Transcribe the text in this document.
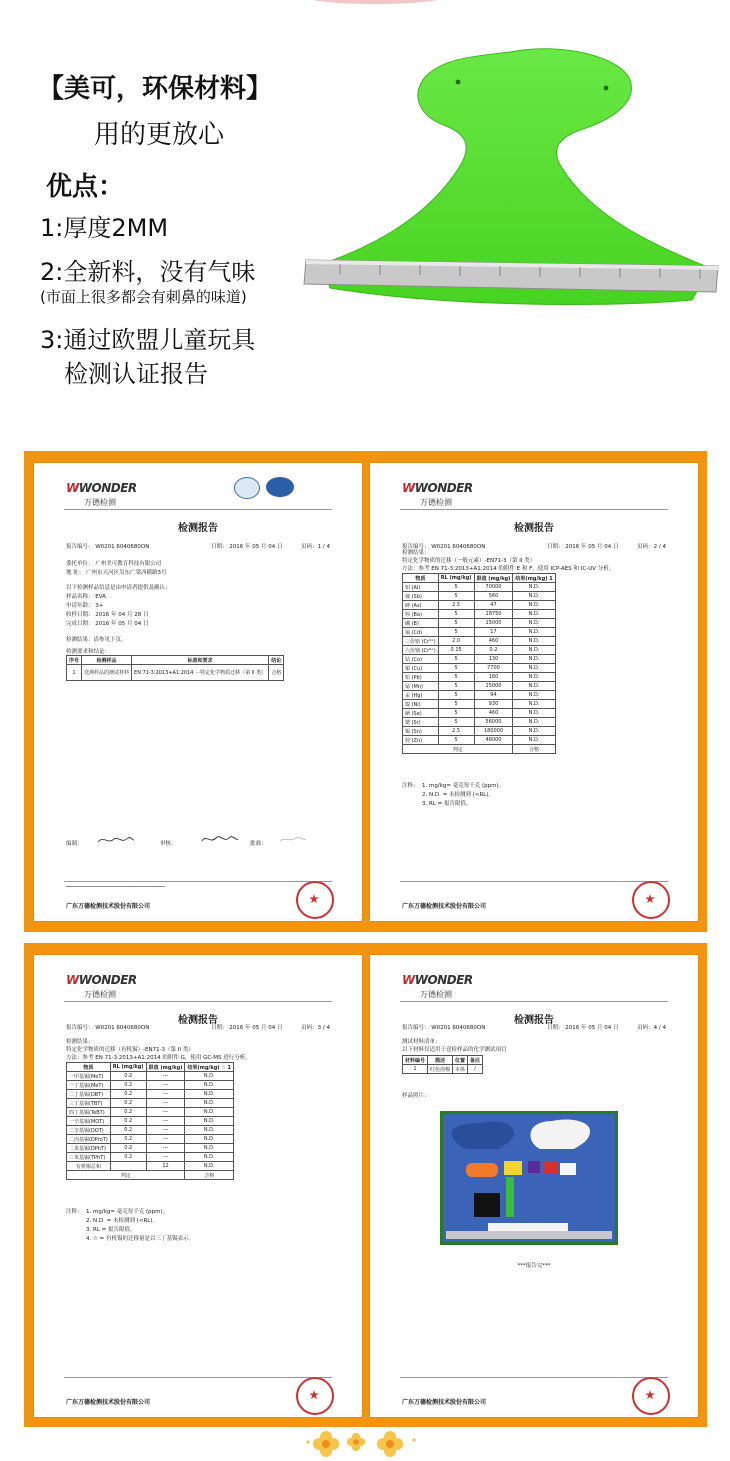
【美可，环保材料】
用的更放心
优点：
1:厚度2MM
2:全新料，没有气味
(市面上很多都会有刺鼻的味道)
3:通过欧盟儿童玩具
检测认证报告
WWONDER
万德检测
检测报告
报告编号： W0201 6040680ON	日期： 2016 年 05 月 04 日	页码：1 / 4
委托单位： 广州美可教育科技有限公司
地 址： 广州市天河区吴东广棠西横路3号
以下检测样品信息是由申请者提供及确认：
样品名称： EVA
申请年龄： 3+
收样日期： 2016 年 04 月 28 日
完成日期： 2016 年 05 月 04 日
检测结果：请参见下页。
检测要求和结论：
序号	检测样品	标准和要求	结论
1	送测样品的测试材料	EN 71-3:2013+A1:2014 －特定化学物质迁移（第 II 类）	合格
编制：	审核：	批准：
━━━━━━━━━━━━━━━━━━━━━━━━━━━━━━━━━━━━━━━━━
广东万德检测技术股份有限公司
WWONDER
万德检测
检测报告
报告编号： W0201 6040680ON	日期： 2016 年 05 月 04 日	页码：2 / 4
检测结果：
特定化学物质的迁移（一般元素）-EN71-3（第 II 类）
方法：参考 EN 71-3:2013+A1:2014 的附件 E 和 F，使用 ICP-AES 和 IC-UV 分析。
物质	RL (mg/kg)	限值 (mg/kg)	结果(mg/kg) 1
铝 (Al)	5	70000	N.D.
锑 (Sb)	5	560	N.D.
砷 (As)	2.5	47	N.D.
钡 (Ba)	5	18750	N.D.
硼 (B)	5	15000	N.D.
镉 (Cd)	5	17	N.D.
三价铬 (Cr³⁺)	2.0	460	N.D.
六价铬 (Cr⁶⁺)	0.15	0.2	N.D.
钴 (Co)	5	130	N.D.
铜 (Cu)	5	7700	N.D.
铅 (Pb)	5	160	N.D.
锰 (Mn)	5	15000	N.D.
汞 (Hg)	5	94	N.D.
镍 (Ni)	5	930	N.D.
硒 (Se)	5	460	N.D.
锶 (Sr)	5	56000	N.D.
锡 (Sn)	2.5	180000	N.D.
锌 (Zn)	5	46000	N.D.
判定			合格
注释： 1. mg/kg= 毫克每千克 (ppm)。
2. N.D. = 未检测到 (<RL)。
3. RL = 报告限值。
广东万德检测技术股份有限公司
WWONDER
万德检测
检测报告
报告编号： W0201 6040680ON	日期： 2016 年 05 月 04 日	页码：3 / 4
检测结果：
特定化学物质的迁移（有机锡）-EN71-3（第 II 类）
方法：参考 EN 71-3:2013+A1:2014 的附件 G，使用 GC-MS 进行分析。
物质	RL (mg/kg)	限值 (mg/kg)	结果(mg/kg) ☆ 1
一甲基锡(MeT)	0.2	---	N.D.
一丁基锡(MeT)	0.2	---	N.D.
二丁基锡(DBT)	0.2	---	N.D.
三丁基锡(TBT)	0.2	---	N.D.
四丁基锡(TeBT)	0.2	---	N.D.
一辛基锡(MOT)	0.2	---	N.D.
二辛基锡(DOT)	0.2	---	N.D.
二丙基锡(DProT)	0.2	---	N.D.
二苯基锡(DPhT)	0.2	---	N.D.
三苯基锡(TPhT)	0.2	---	N.D.
有机锡总和		12	N.D.
判定			合格
注释： 1. mg/kg= 毫克每千克 (ppm)。
2. N.D. = 未检测到 (<RL)。
3. RL = 报告限值。
4. ☆ = 有机锡的迁移量是以三丁基锡表示。
广东万德检测技术股份有限公司
WWONDER
万德检测
检测报告
报告编号： W0201 6040680ON	日期： 2016 年 05 月 04 日	页码：4 / 4
测试材料清单：
以下材料仅适用于送检样品的化学测试项目
材料编号	描述	位置	备注
1	红色泡棉	本体	/
样品照片：
***报告完***
广东万德检测技术股份有限公司
